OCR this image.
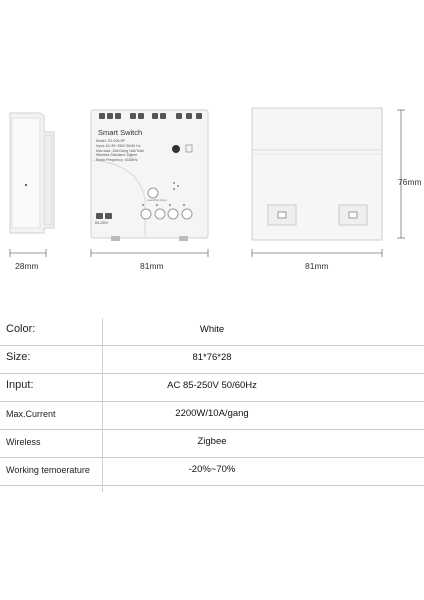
Smart Switch
Model: ZG-005-RF
Input: AC 85~250V 50/60 Hz
Max.load: 10A/Gang 16A/Total
Wireless Standard: Zigbee
Radio Frequency: 433MHz
85-250V
Learn/Pair button
28mm	81mm	81mm
76mm
Color:	White
Size:	81*76*28
Input:	AC 85-250V 50/60Hz
Max.Current	2200W/10A/gang
Wireless	Zigbee
Working temoerature	-20%~70%
